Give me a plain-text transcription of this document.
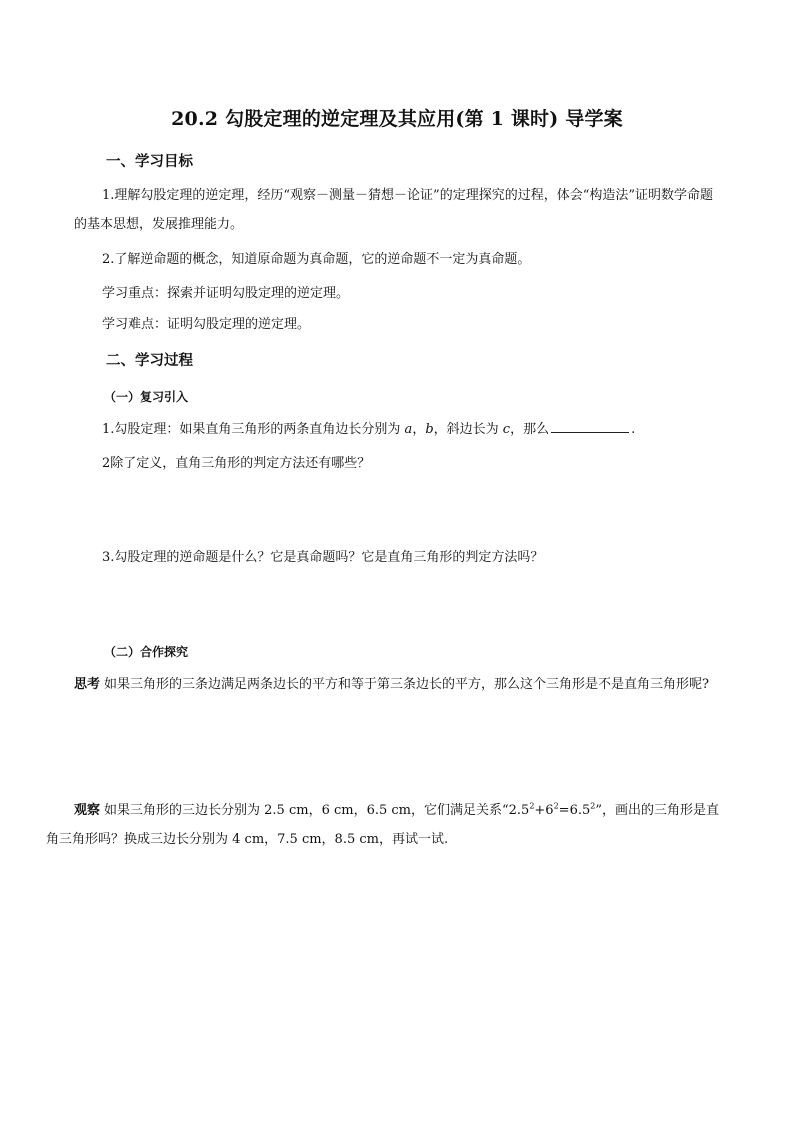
20.2 勾股定理的逆定理及其应用(第 1 课时) 导学案
一、学习目标
1.理解勾股定理的逆定理，经历“观察－测量－猜想－论证”的定理探究的过程，体会“构造法”证明数学命题的基本思想，发展推理能力。
2.了解逆命题的概念，知道原命题为真命题，它的逆命题不一定为真命题。
学习重点：探索并证明勾股定理的逆定理。
学习难点：证明勾股定理的逆定理。
二、学习过程
（一）复习引入
1.勾股定理：如果直角三角形的两条直角边长分别为 a，b，斜边长为 c，那么	.
2除了定义，直角三角形的判定方法还有哪些？
3.勾股定理的逆命题是什么？它是真命题吗？它是直角三角形的判定方法吗？
（二）合作探究
思考 如果三角形的三条边满足两条边长的平方和等于第三条边长的平方，那么这个三角形是不是直角三角形呢?
观察 如果三角形的三边长分别为 2.5 cm，6 cm，6.5 cm，它们满足关系“$2.5^2+6^2=6.5^2$”，画出的三角形是直角三角形吗？换成三边长分别为 4 cm，7.5 cm，8.5 cm，再试一试.
